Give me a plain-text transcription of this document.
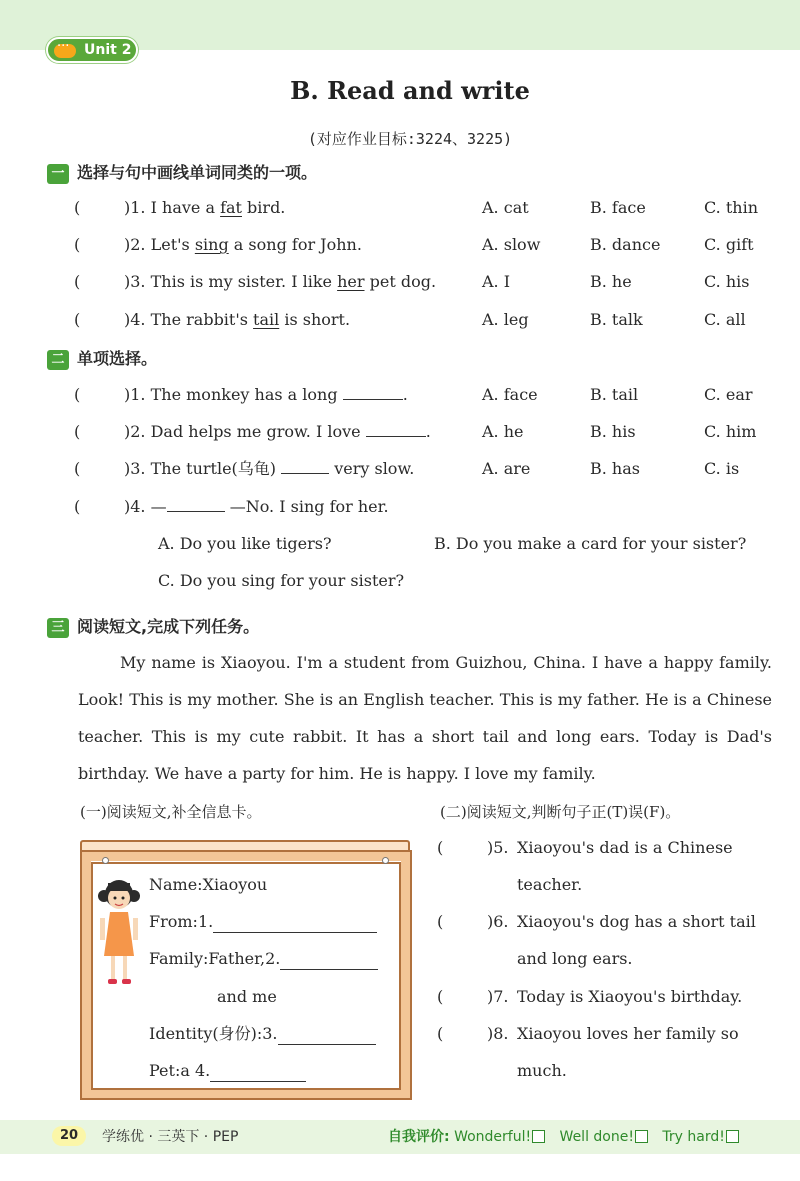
···
Unit 2
B. Read and write
(对应作业目标:3224、3225)
一 选择与句中画线单词同类的一项。
(	)1. I have a fat bird.	A. cat	B. face	C. thin
(	)2. Let's sing a song for John.	A. slow	B. dance	C. gift
(	)3. This is my sister. I like her pet dog.	A. I	B. he	C. his
(	)4. The rabbit's tail is short.	A. leg	B. talk	C. all
二 单项选择。
(	)1. The monkey has a long	.	A. face	B. tail	C. ear
(	)2. Dad helps me grow. I love	.	A. he	B. his	C. him
(	)3. The turtle(乌龟)	very slow.	A. are	B. has	C. is
(	)4. —	—No. I sing for her.
A. Do you like tigers?	B. Do you make a card for your sister?
C. Do you sing for your sister?
三 阅读短文,完成下列任务。
My name is Xiaoyou. I'm a student from Guizhou, China. I have a happy family. Look! This is my mother. She is an English teacher. This is my father. He is a Chinese teacher. This is my cute rabbit. It has a short tail and long ears. Today is Dad's birthday. We have a party for him. He is happy. I love my family.
(一)阅读短文,补全信息卡。	(二)阅读短文,判断句子正(T)误(F)。
Name:Xiaoyou
From:1.
Family:Father,2.
and me
Identity(身份):3.
Pet:a 4.
(	)5. Xiaoyou's dad is a Chinese
teacher.
(	)6. Xiaoyou's dog has a short tail
and long ears.
(	)7. Today is Xiaoyou's birthday.
(	)8. Xiaoyou loves her family so
much.
20	学练优 · 三英下 · PEP	自我评价: Wonderful! Well done! Try hard!
